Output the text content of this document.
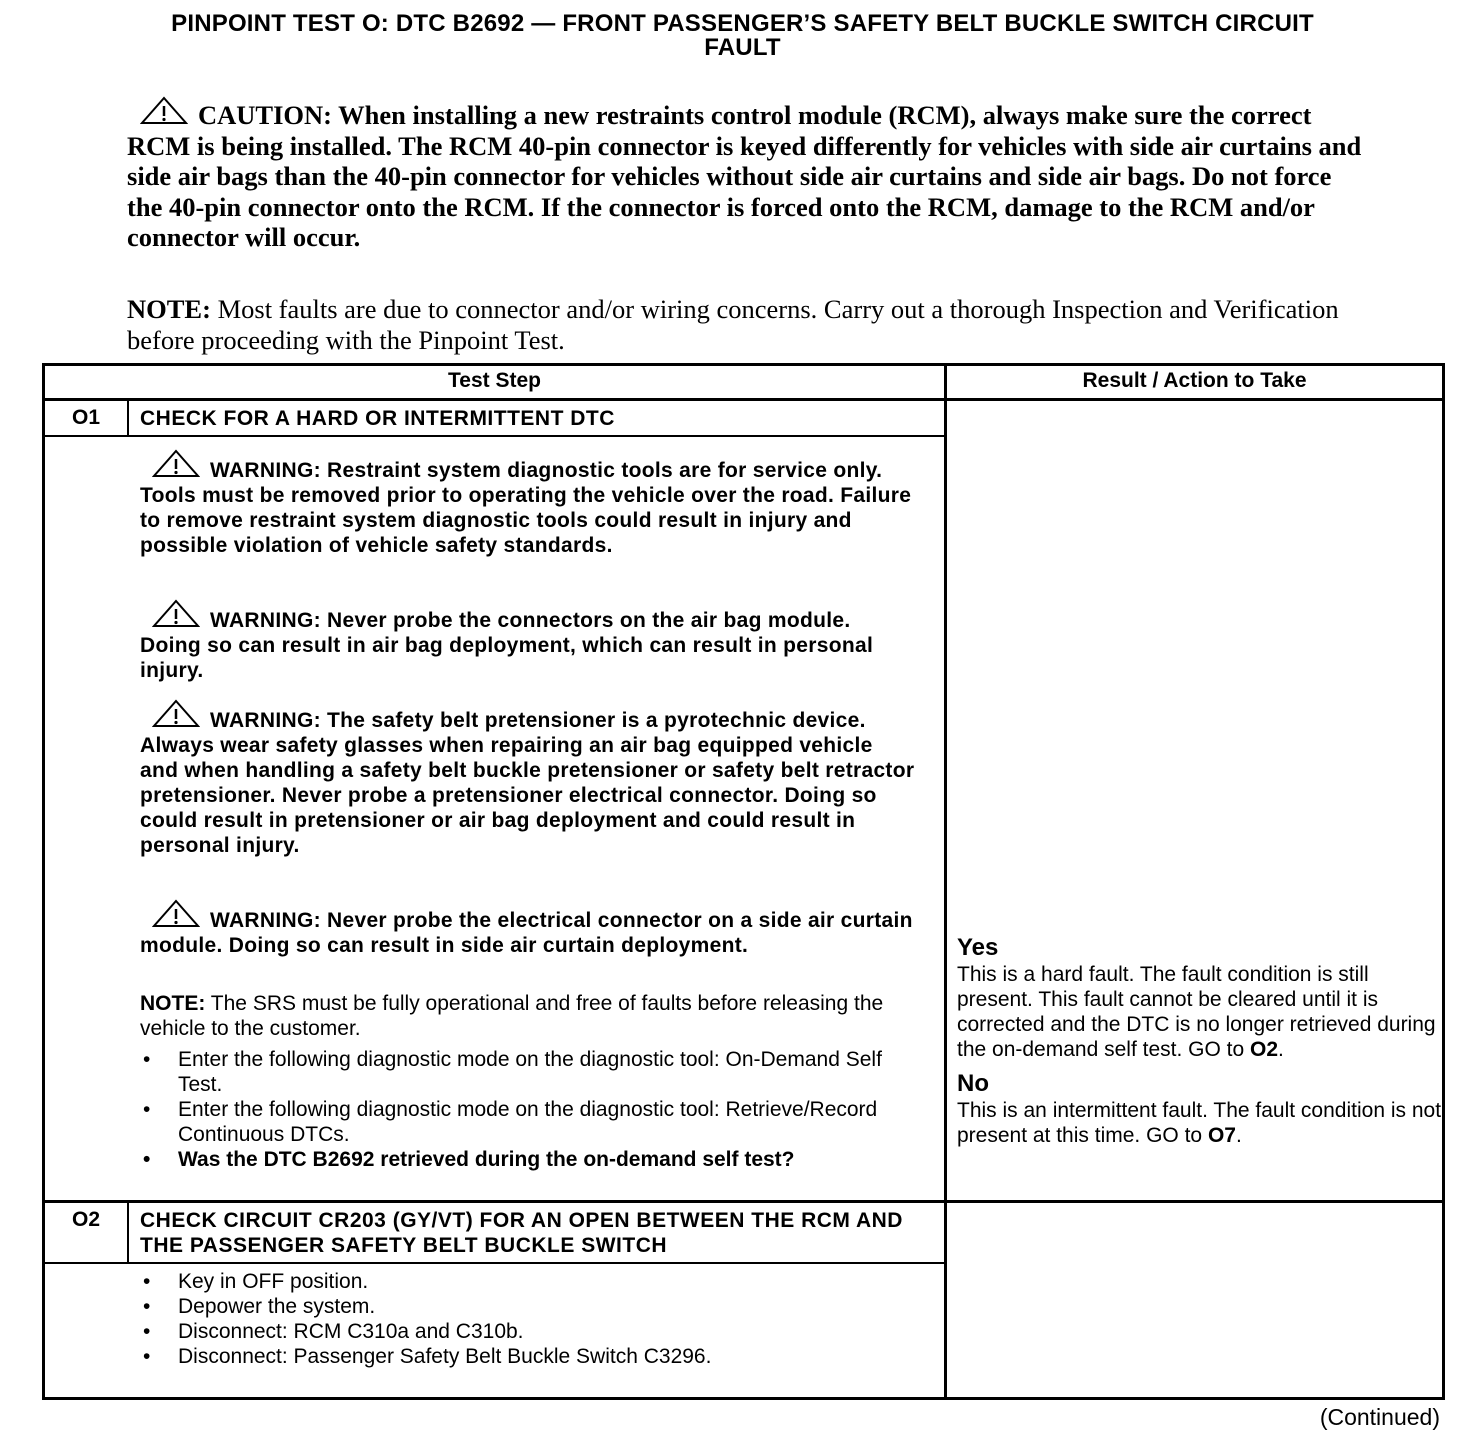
PINPOINT TEST O: DTC B2692 — FRONT PASSENGER’S SAFETY BELT BUCKLE SWITCH CIRCUIT
FAULT
CAUTION: When installing a new restraints control module (RCM), always make sure the correct RCM is being installed. The RCM 40-pin connector is keyed differently for vehicles with side air curtains and side air bags than the 40-pin connector for vehicles without side air curtains and side air bags. Do not force the 40-pin connector onto the RCM. If the connector is forced onto the RCM, damage to the RCM and/or connector will occur.
NOTE: Most faults are due to connector and/or wiring concerns. Carry out a thorough Inspection and Verification before proceeding with the Pinpoint Test.
Test Step	Result / Action to Take
O1	CHECK FOR A HARD OR INTERMITTENT DTC
WARNING: Restraint system diagnostic tools are for service only. Tools must be removed prior to operating the vehicle over the road. Failure to remove restraint system diagnostic tools could result in injury and possible violation of vehicle safety standards.
WARNING: Never probe the connectors on the air bag module. Doing so can result in air bag deployment, which can result in personal injury.
WARNING: The safety belt pretensioner is a pyrotechnic device. Always wear safety glasses when repairing an air bag equipped vehicle and when handling a safety belt buckle pretensioner or safety belt retractor pretensioner. Never probe a pretensioner electrical connector. Doing so could result in pretensioner or air bag deployment and could result in personal injury.
WARNING: Never probe the electrical connector on a side air curtain module. Doing so can result in side air curtain deployment.
NOTE: The SRS must be fully operational and free of faults before releasing the vehicle to the customer.
• Enter the following diagnostic mode on the diagnostic tool: On-Demand Self Test.
• Enter the following diagnostic mode on the diagnostic tool: Retrieve/Record Continuous DTCs.
• Was the DTC B2692 retrieved during the on-demand self test?
Yes
This is a hard fault. The fault condition is still present. This fault cannot be cleared until it is corrected and the DTC is no longer retrieved during the on-demand self test. GO to O2.
No
This is an intermittent fault. The fault condition is not present at this time. GO to O7.
O2	CHECK CIRCUIT CR203 (GY/VT) FOR AN OPEN BETWEEN THE RCM AND THE PASSENGER SAFETY BELT BUCKLE SWITCH
• Key in OFF position.
• Depower the system.
• Disconnect: RCM C310a and C310b.
• Disconnect: Passenger Safety Belt Buckle Switch C3296.
(Continued)
